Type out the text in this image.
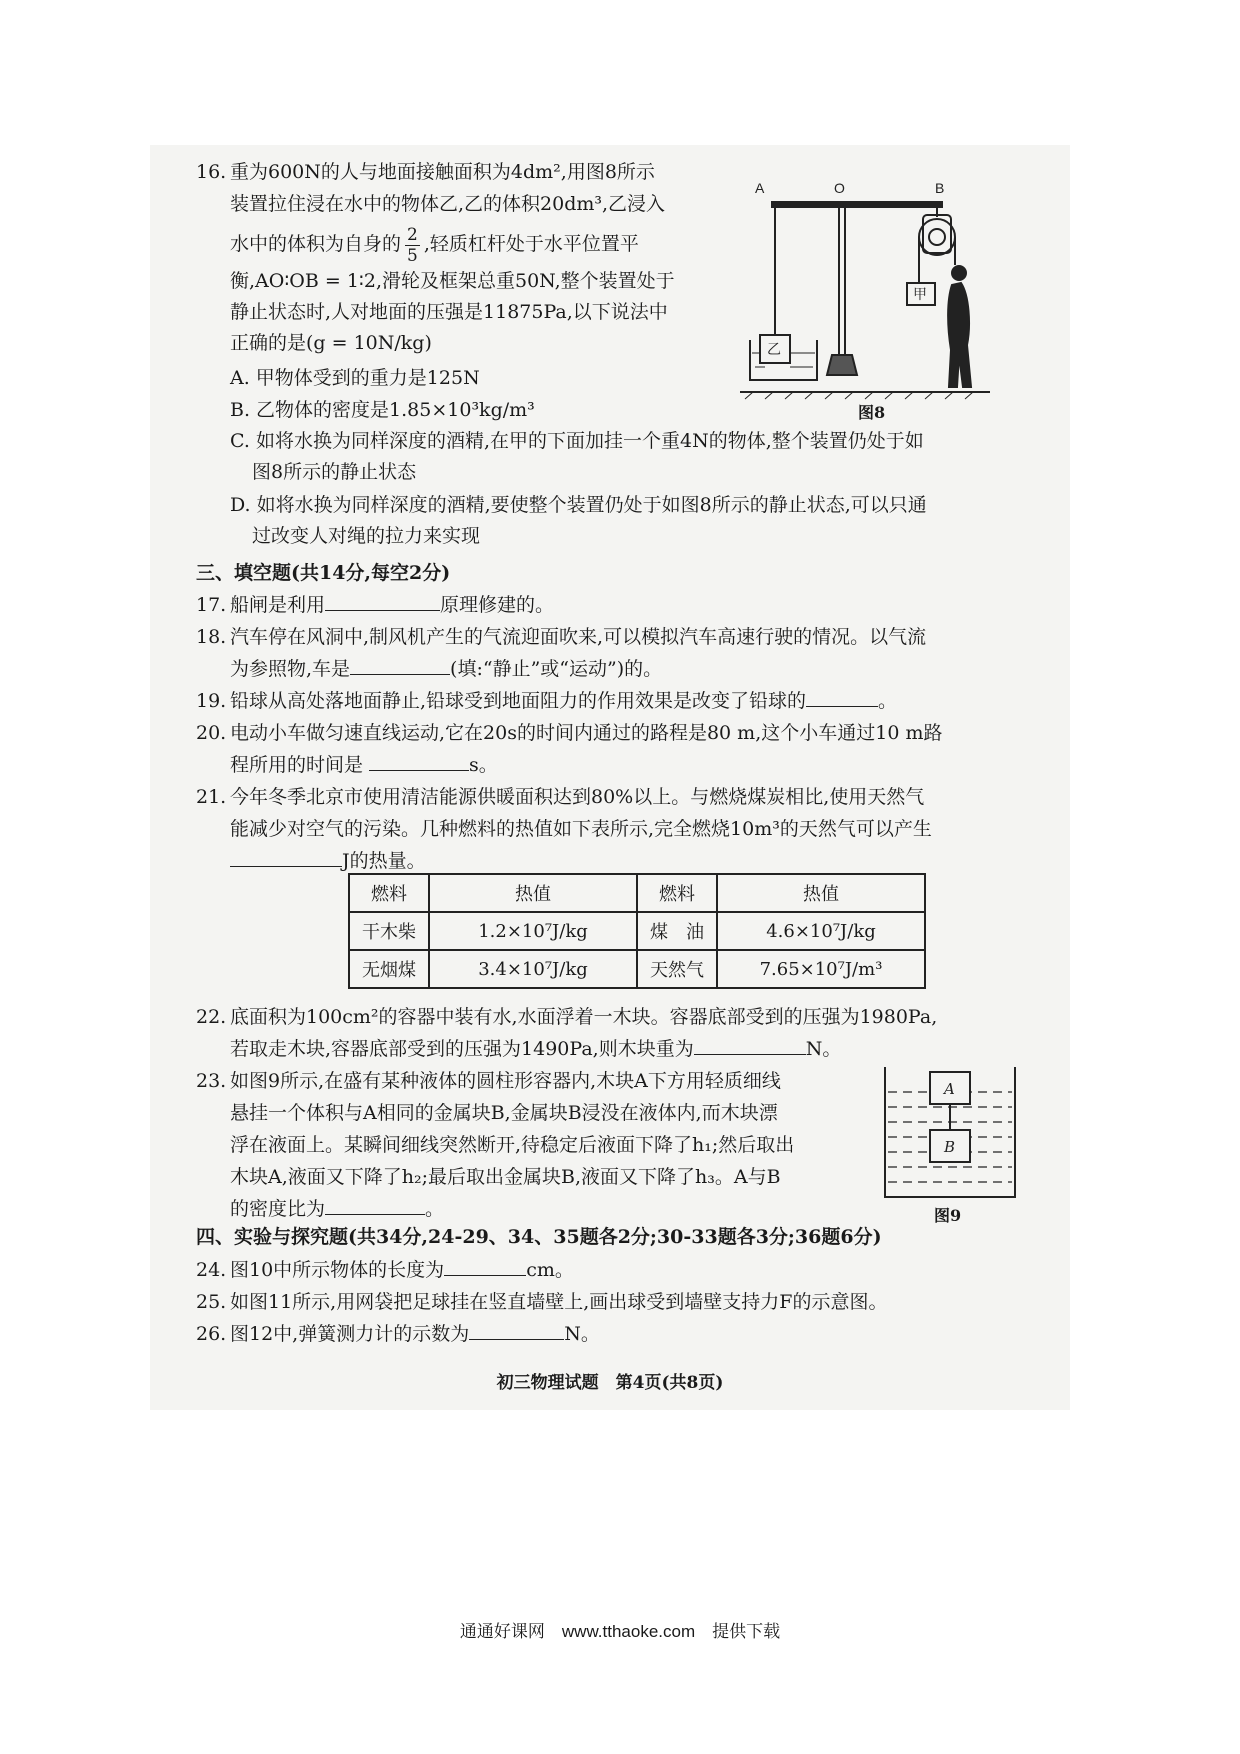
16. 重为600N的人与地面接触面积为4dm²,用图8所示
装置拉住浸在水中的物体乙,乙的体积20dm³,乙浸入
水中的体积为自身的 $\frac{2}{5}$ ,轻质杠杆处于水平位置平
衡,AO∶OB = 1∶2,滑轮及框架总重50N,整个装置处于
静止状态时,人对地面的压强是11875Pa,以下说法中
正确的是(g = 10N/kg)
A. 甲物体受到的重力是125N
B. 乙物体的密度是1.85×10³kg/m³
C. 如将水换为同样深度的酒精,在甲的下面加挂一个重4N的物体,整个装置仍处于如
图8所示的静止状态
D. 如将水换为同样深度的酒精,要使整个装置仍处于如图8所示的静止状态,可以只通
过改变人对绳的拉力来实现
A	O	B
甲
乙
图8
三、填空题(共14分,每空2分)
17. 船闸是利用	原理修建的。
18. 汽车停在风洞中,制风机产生的气流迎面吹来,可以模拟汽车高速行驶的情况。以气流
为参照物,车是	(填:“静止”或“运动”)的。
19. 铅球从高处落地面静止,铅球受到地面阻力的作用效果是改变了铅球的	。
20. 电动小车做匀速直线运动,它在20s的时间内通过的路程是80 m,这个小车通过10 m路
程所用的时间是	s。
21. 今年冬季北京市使用清洁能源供暖面积达到80%以上。与燃烧煤炭相比,使用天然气
能减少对空气的污染。几种燃料的热值如下表所示,完全燃烧10m³的天然气可以产生
J的热量。
燃料	热值	燃料	热值
干木柴	1.2×10⁷J/kg	煤　油	4.6×10⁷J/kg
无烟煤	3.4×10⁷J/kg	天然气	7.65×10⁷J/m³
22. 底面积为100cm²的容器中装有水,水面浮着一木块。容器底部受到的压强为1980Pa,
若取走木块,容器底部受到的压强为1490Pa,则木块重为	N。
23. 如图9所示,在盛有某种液体的圆柱形容器内,木块A下方用轻质细线
悬挂一个体积与A相同的金属块B,金属块B浸没在液体内,而木块漂
浮在液面上。某瞬间细线突然断开,待稳定后液面下降了h₁;然后取出
木块A,液面又下降了h₂;最后取出金属块B,液面又下降了h₃。A与B
的密度比为	。
A
B
图9
四、实验与探究题(共34分,24-29、34、35题各2分;30-33题各3分;36题6分)
24. 图10中所示物体的长度为	cm。
25. 如图11所示,用网袋把足球挂在竖直墙壁上,画出球受到墙壁支持力F的示意图。
26. 图12中,弹簧测力计的示数为	N。
初三物理试题　第4页(共8页)
通通好课网　www.tthaoke.com　提供下载
